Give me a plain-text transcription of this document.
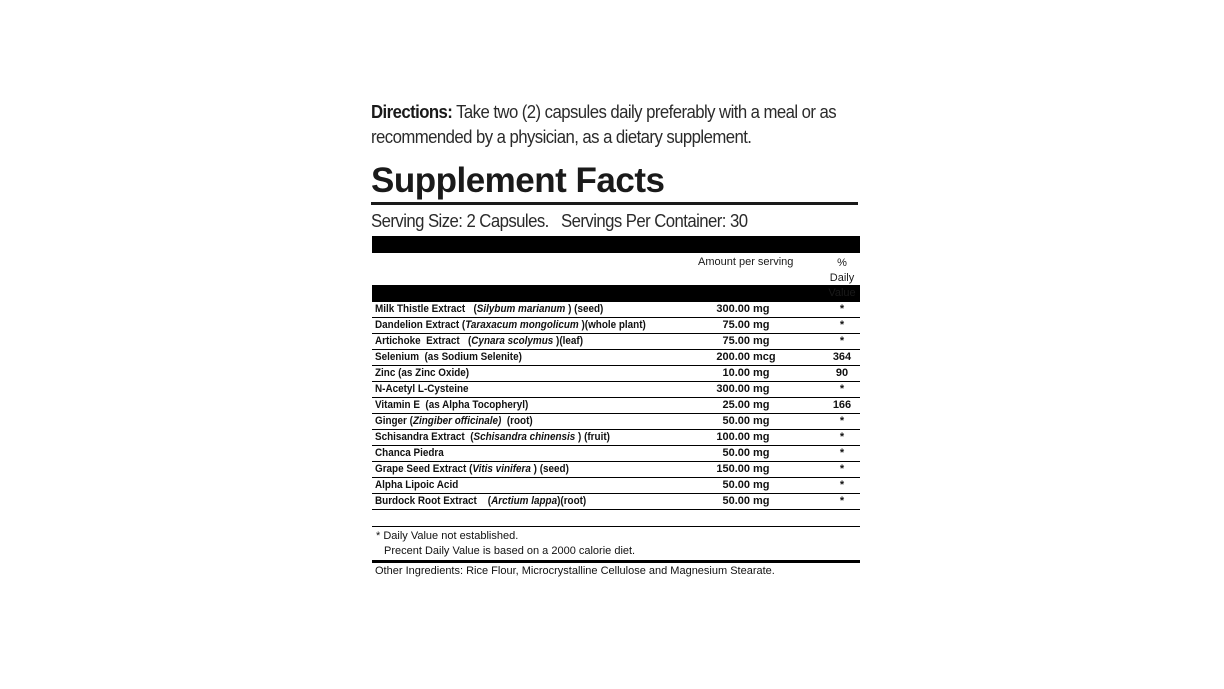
Directions: Take two (2) capsules daily preferably with a meal or as recommended by a physician, as a dietary supplement.
Supplement Facts
Serving Size: 2 Capsules.   Servings Per Container: 30
Amount per serving	% Daily
Value
Milk Thistle Extract   (Silybum marianum ) (seed)	300.00 mg	*
Dandelion Extract (Taraxacum mongolicum )(whole plant)	75.00 mg	*
Artichoke  Extract   (Cynara scolymus )(leaf)	75.00 mg	*
Selenium  (as Sodium Selenite)	200.00 mcg	364
Zinc (as Zinc Oxide)	10.00 mg	90
N-Acetyl L-Cysteine	300.00 mg	*
Vitamin E  (as Alpha Tocopheryl)	25.00 mg	166
Ginger (Zingiber officinale)  (root)	50.00 mg	*
Schisandra Extract  (Schisandra chinensis ) (fruit)	100.00 mg	*
Chanca Piedra	50.00 mg	*
Grape Seed Extract (Vitis vinifera ) (seed)	150.00 mg	*
Alpha Lipoic Acid	50.00 mg	*
Burdock Root Extract    (Arctium lappa)(root)	50.00 mg	*
* Daily Value not established.
Precent Daily Value is based on a 2000 calorie diet.
Other Ingredients: Rice Flour, Microcrystalline Cellulose and Magnesium Stearate.
